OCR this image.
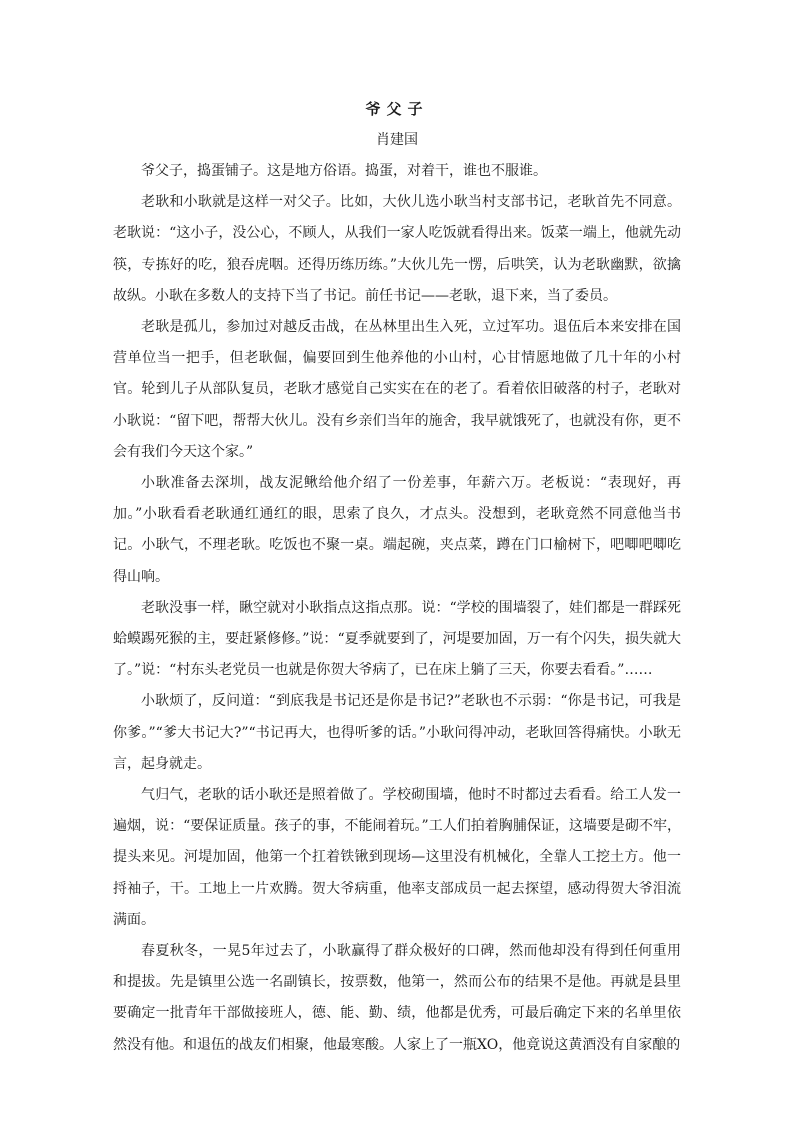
爷父子
肖建国

爷父子，捣蛋铺子。这是地方俗语。捣蛋，对着干，谁也不服谁。

老耿和小耿就是这样一对父子。比如，大伙儿选小耿当村支部书记，老耿首先不同意。老耿说：“这小子，没公心，不顾人，从我们一家人吃饭就看得出来。饭菜一端上，他就先动筷，专拣好的吃，狼吞虎咽。还得历练历练。”大伙儿先一愣，后哄笑，认为老耿幽默，欲擒故纵。小耿在多数人的支持下当了书记。前任书记——老耿，退下来，当了委员。

老耿是孤儿，参加过对越反击战，在丛林里出生入死，立过军功。退伍后本来安排在国营单位当一把手，但老耿倔，偏要回到生他养他的小山村，心甘情愿地做了几十年的小村官。轮到儿子从部队复员，老耿才感觉自己实实在在的老了。看着依旧破落的村子，老耿对小耿说：“留下吧，帮帮大伙儿。没有乡亲们当年的施舍，我早就饿死了，也就没有你，更不会有我们今天这个家。”

小耿准备去深圳，战友泥鳅给他介绍了一份差事，年薪六万。老板说：“表现好，再加。”小耿看看老耿通红通红的眼，思索了良久，才点头。没想到，老耿竟然不同意他当书记。小耿气，不理老耿。吃饭也不聚一桌。端起碗，夹点菜，蹲在门口榆树下，吧唧吧唧吃得山响。

老耿没事一样，瞅空就对小耿指点这指点那。说：“学校的围墙裂了，娃们都是一群踩死蛤蟆踢死猴的主，要赶紧修修。”说：“夏季就要到了，河堤要加固，万一有个闪失，损失就大了。”说：“村东头老党员一也就是你贺大爷病了，已在床上躺了三天，你要去看看。”……

小耿烦了，反问道：“到底我是书记还是你是书记?”老耿也不示弱：“你是书记，可我是你爹。”“爹大书记大?”“书记再大，也得听爹的话。”小耿问得冲动，老耿回答得痛快。小耿无言，起身就走。

气归气，老耿的话小耿还是照着做了。学校砌围墙，他时不时都过去看看。给工人发一遍烟，说：“要保证质量。孩子的事，不能闹着玩。”工人们拍着胸脯保证，这墙要是砌不牢，提头来见。河堤加固，他第一个扛着铁锹到现场—这里没有机械化，全靠人工挖土方。他一捋袖子，干。工地上一片欢腾。贺大爷病重，他率支部成员一起去探望，感动得贺大爷泪流满面。

春夏秋冬，一晃5年过去了，小耿赢得了群众极好的口碑，然而他却没有得到任何重用和提拔。先是镇里公选一名副镇长，按票数，他第一，然而公布的结果不是他。再就是县里要确定一批青年干部做接班人，德、能、勤、绩，他都是优秀，可最后确定下来的名单里依然没有他。和退伍的战友们相聚，他最寒酸。人家上了一瓶XO，他竟说这黄酒没有自家酿的
